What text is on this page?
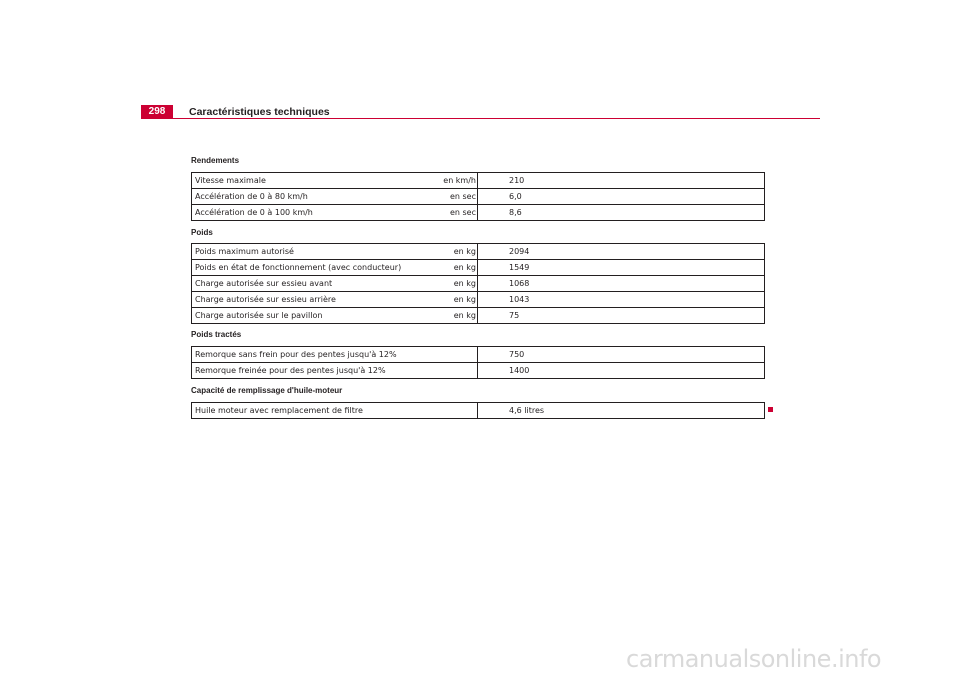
298	Caractéristiques techniques
Rendements
Vitesse maximale	en km/h	210
Accélération de 0 à 80 km/h	en sec	6,0
Accélération de 0 à 100 km/h	en sec	8,6
Poids
Poids maximum autorisé	en kg	2094
Poids en état de fonctionnement (avec conducteur)	en kg	1549
Charge autorisée sur essieu avant	en kg	1068
Charge autorisée sur essieu arrière	en kg	1043
Charge autorisée sur le pavillon	en kg	75
Poids tractés
Remorque sans frein pour des pentes jusqu'à 12%	750
Remorque freinée pour des pentes jusqu'à 12%	1400
Capacité de remplissage d'huile-moteur
Huile moteur avec remplacement de filtre	4,6 litres
carmanualsonline.info
